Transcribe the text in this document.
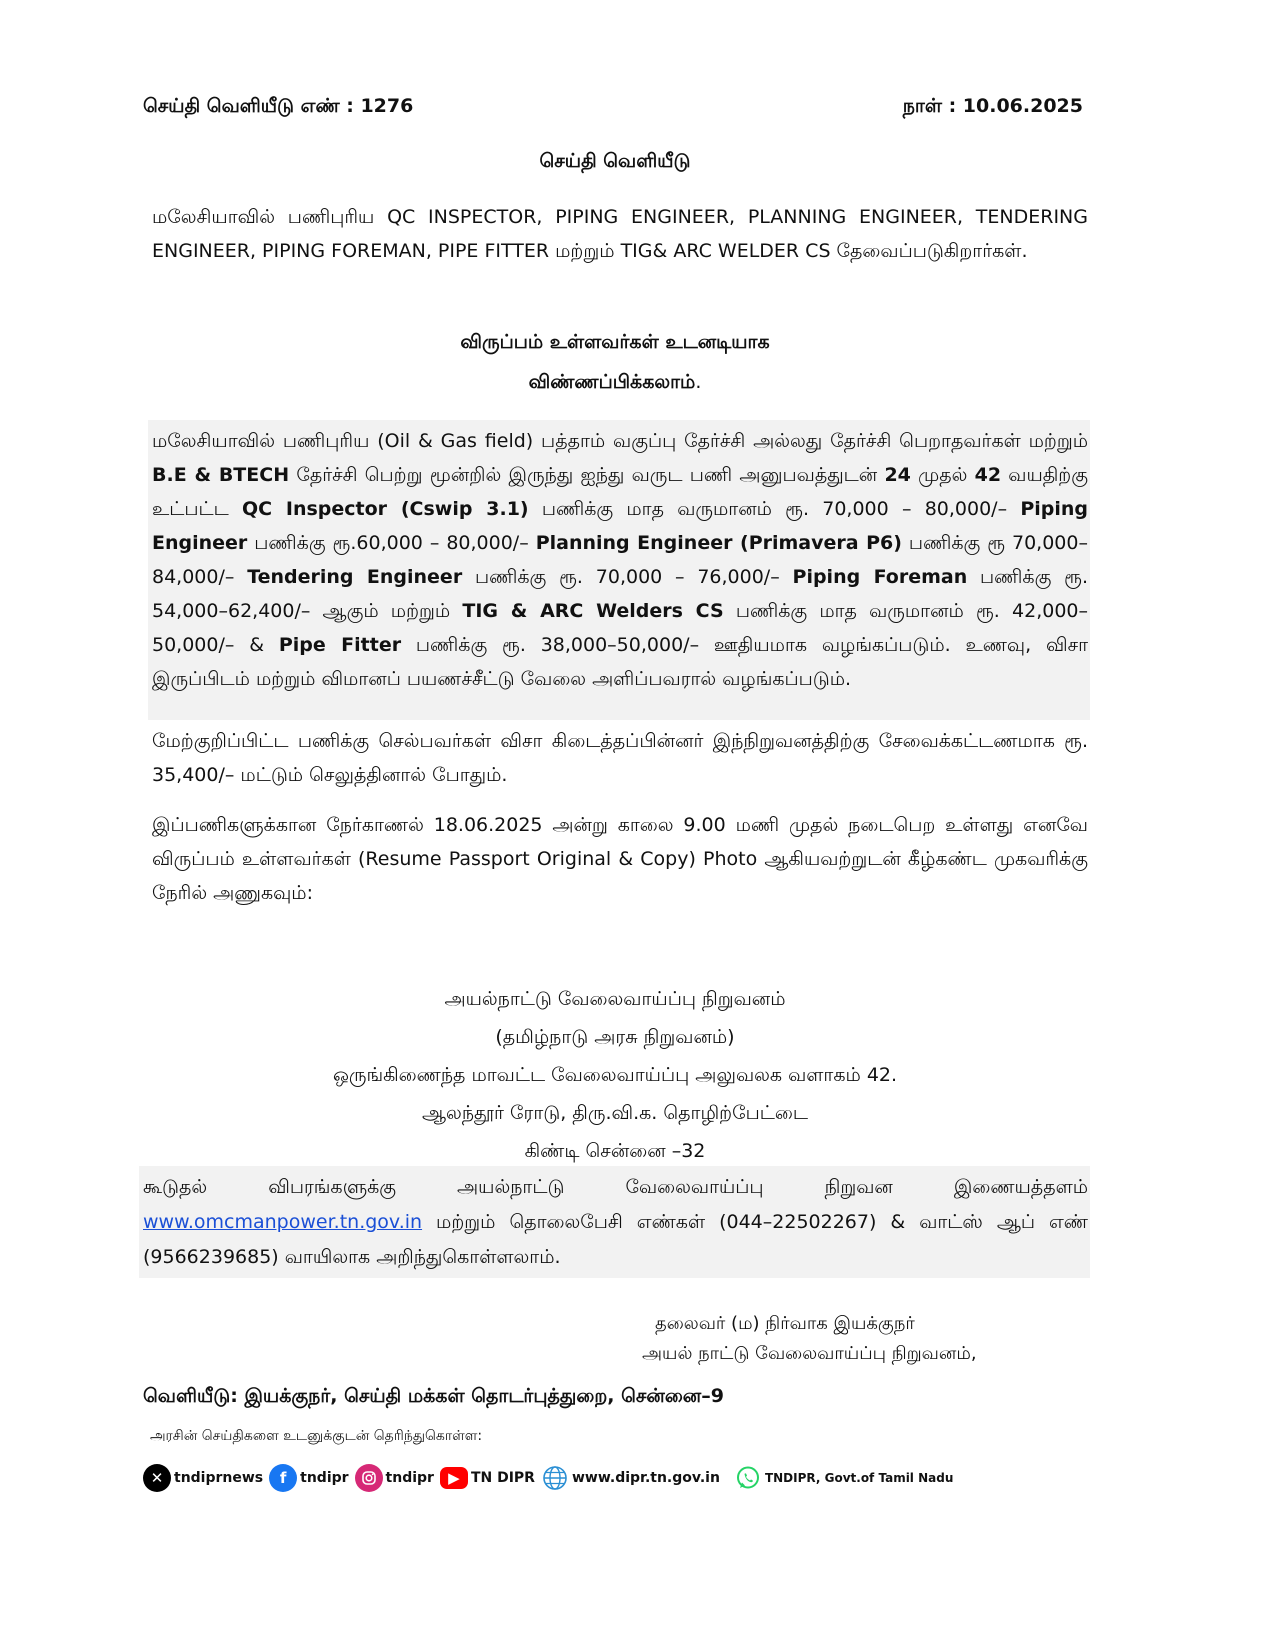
செய்தி வெளியீடு எண் : 1276	நாள் : 10.06.2025
செய்தி வெளியீடு
மலேசியாவில் பணிபுரிய QC INSPECTOR, PIPING ENGINEER, PLANNING ENGINEER, TENDERING ENGINEER, PIPING FOREMAN, PIPE FITTER மற்றும் TIG& ARC WELDER CS தேவைப்படுகிறார்கள்.
விருப்பம் உள்ளவர்கள் உடனடியாக
விண்ணப்பிக்கலாம்.
மலேசியாவில் பணிபுரிய (Oil & Gas field) பத்தாம் வகுப்பு தேர்ச்சி அல்லது தேர்ச்சி பெறாதவர்கள் மற்றும் B.E & BTECH தேர்ச்சி பெற்று மூன்றில் இருந்து ஐந்து வருட பணி அனுபவத்துடன் 24 முதல் 42 வயதிற்கு உட்பட்ட QC Inspector (Cswip 3.1) பணிக்கு மாத வருமானம் ரூ. 70,000 – 80,000/– Piping Engineer பணிக்கு ரூ.60,000 – 80,000/– Planning Engineer (Primavera P6) பணிக்கு ரூ 70,000–84,000/– Tendering Engineer பணிக்கு ரூ. 70,000 – 76,000/– Piping Foreman பணிக்கு ரூ. 54,000–62,400/– ஆகும் மற்றும் TIG & ARC Welders CS பணிக்கு மாத வருமானம் ரூ. 42,000–50,000/– & Pipe Fitter பணிக்கு ரூ. 38,000–50,000/– ஊதியமாக வழங்கப்படும். உணவு, விசா இருப்பிடம் மற்றும் விமானப் பயணச்சீட்டு வேலை அளிப்பவரால் வழங்கப்படும்.
மேற்குறிப்பிட்ட பணிக்கு செல்பவர்கள் விசா கிடைத்தப்பின்னர் இந்நிறுவனத்திற்கு சேவைக்கட்டணமாக ரூ. 35,400/– மட்டும் செலுத்தினால் போதும்.
இப்பணிகளுக்கான நேர்காணல் 18.06.2025 அன்று காலை 9.00 மணி முதல் நடைபெற உள்ளது எனவே விருப்பம் உள்ளவர்கள் (Resume Passport Original & Copy) Photo ஆகியவற்றுடன் கீழ்கண்ட முகவரிக்கு நேரில் அணுகவும்:
அயல்நாட்டு வேலைவாய்ப்பு நிறுவனம்
(தமிழ்நாடு அரசு நிறுவனம்)
ஒருங்கிணைந்த மாவட்ட வேலைவாய்ப்பு அலுவலக வளாகம் 42.
ஆலந்தூர் ரோடு, திரு.வி.க. தொழிற்பேட்டை
கிண்டி சென்னை –32
கூடுதல் விபரங்களுக்கு அயல்நாட்டு வேலைவாய்ப்பு நிறுவன இணையத்தளம் www.omcmanpower.tn.gov.in மற்றும் தொலைபேசி எண்கள் (044–22502267) & வாட்ஸ் ஆப் எண் (9566239685) வாயிலாக அறிந்துகொள்ளலாம்.
தலைவர் (ம) நிர்வாக இயக்குநர்
அயல் நாட்டு வேலைவாய்ப்பு நிறுவனம்,
வெளியீடு: இயக்குநர், செய்தி மக்கள் தொடர்புத்துறை, சென்னை–9
அரசின் செய்திகளை உடனுக்குடன் தெரிந்துகொள்ள:
✕ tndiprnews	f tndipr	tndipr ▶ TN DIPR	www.dipr.tn.gov.in	TNDIPR, Govt.of Tamil Nadu
